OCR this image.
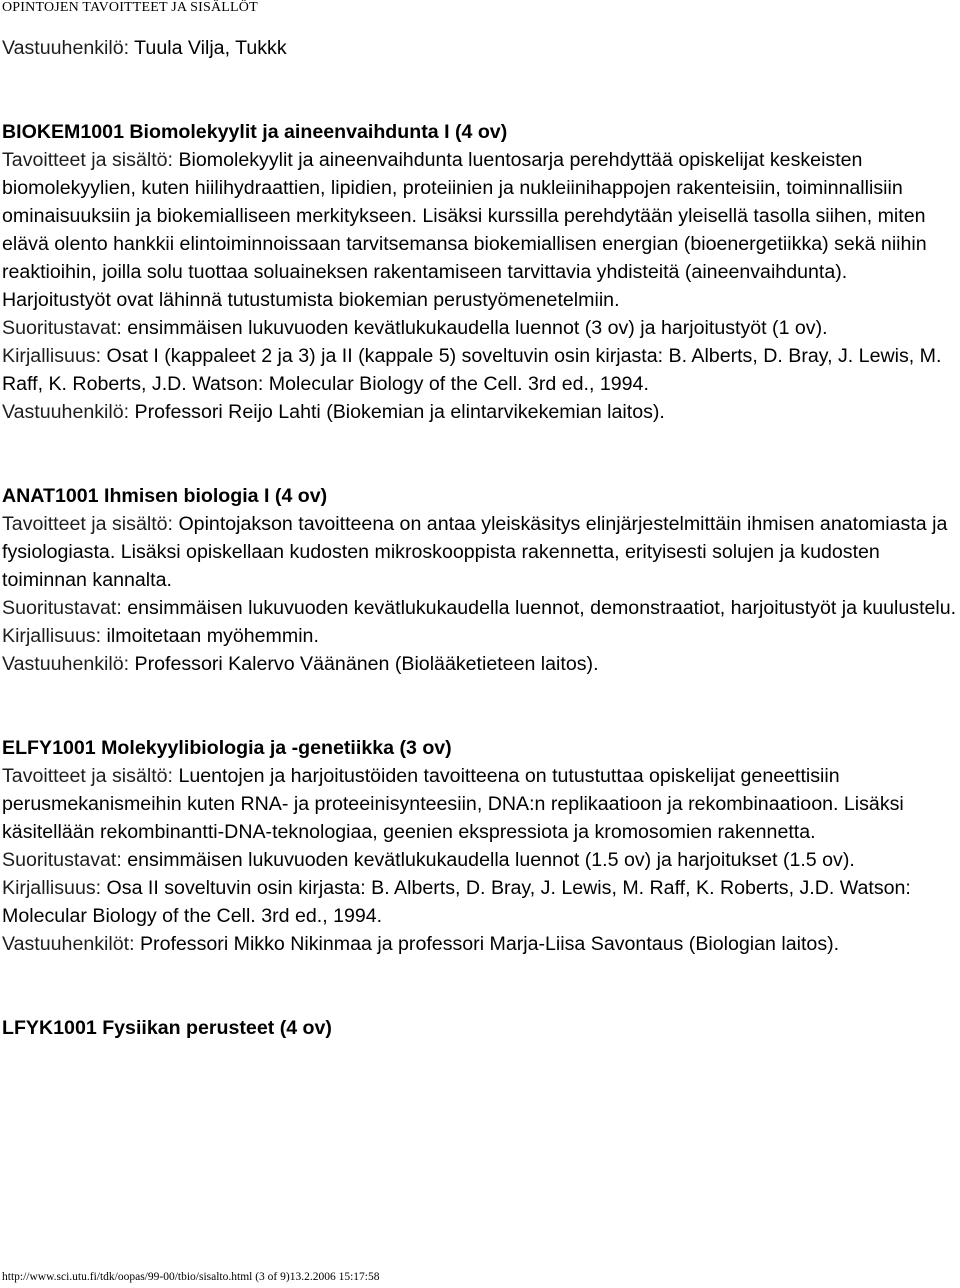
OPINTOJEN TAVOITTEET JA SISÄLLÖT

Vastuuhenkilö: Tuula Vilja, Tukkk

BIOKEM1001 Biomolekyylit ja aineenvaihdunta I (4 ov)

Tavoitteet ja sisältö: Biomolekyylit ja aineenvaihdunta luentosarja perehdyttää opiskelijat keskeisten biomolekyylien, kuten hiilihydraattien, lipidien, proteiinien ja nukleiinihappojen rakenteisiin, toiminnallisiin ominaisuuksiin ja biokemialliseen merkitykseen. Lisäksi kurssilla perehdytään yleisellä tasolla siihen, miten elävä olento hankkii elintoiminnoissaan tarvitsemansa biokemiallisen energian (bioenergetiikka) sekä niihin reaktioihin, joilla solu tuottaa soluaineksen rakentamiseen tarvittavia yhdisteitä (aineenvaihdunta). Harjoitustyöt ovat lähinnä tutustumista biokemian perustyömenetelmiin.

Suoritustavat: ensimmäisen lukuvuoden kevätlukukaudella luennot (3 ov) ja harjoitustyöt (1 ov).

Kirjallisuus: Osat I (kappaleet 2 ja 3) ja II (kappale 5) soveltuvin osin kirjasta: B. Alberts, D. Bray, J. Lewis, M. Raff, K. Roberts, J.D. Watson: Molecular Biology of the Cell. 3rd ed., 1994.

Vastuuhenkilö: Professori Reijo Lahti (Biokemian ja elintarvikekemian laitos).

ANAT1001 Ihmisen biologia I (4 ov)

Tavoitteet ja sisältö: Opintojakson tavoitteena on antaa yleiskäsitys elinjärjestelmittäin ihmisen anatomiasta ja fysiologiasta. Lisäksi opiskellaan kudosten mikroskooppista rakennetta, erityisesti solujen ja kudosten toiminnan kannalta.

Suoritustavat: ensimmäisen lukuvuoden kevätlukukaudella luennot, demonstraatiot, harjoitustyöt ja kuulustelu.

Kirjallisuus: ilmoitetaan myöhemmin.

Vastuuhenkilö: Professori Kalervo Väänänen (Biolääketieteen laitos).

ELFY1001 Molekyylibiologia ja -genetiikka (3 ov)

Tavoitteet ja sisältö: Luentojen ja harjoitustöiden tavoitteena on tutustuttaa opiskelijat geneettisiin perusmekanismeihin kuten RNA- ja proteeinisynteesiin, DNA:n replikaatioon ja rekombinaatioon. Lisäksi käsitellään rekombinantti-DNA-teknologiaa, geenien ekspressiota ja kromosomien rakennetta.

Suoritustavat: ensimmäisen lukuvuoden kevätlukukaudella luennot (1.5 ov) ja harjoitukset (1.5 ov).

Kirjallisuus: Osa II soveltuvin osin kirjasta: B. Alberts, D. Bray, J. Lewis, M. Raff, K. Roberts, J.D. Watson: Molecular Biology of the Cell. 3rd ed., 1994.

Vastuuhenkilöt: Professori Mikko Nikinmaa ja professori Marja-Liisa Savontaus (Biologian laitos).

LFYK1001 Fysiikan perusteet (4 ov)

http://www.sci.utu.fi/tdk/oopas/99-00/tbio/sisalto.html (3 of 9)13.2.2006 15:17:58
